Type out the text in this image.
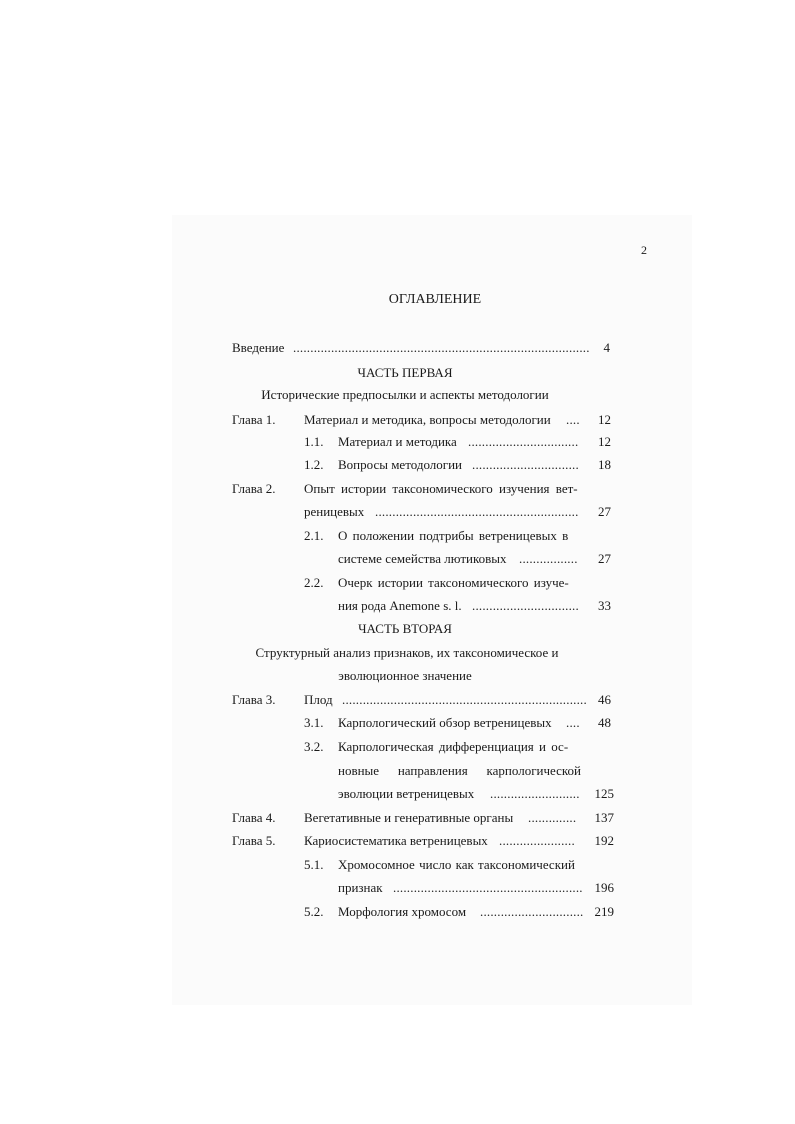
2
ОГЛАВЛЕНИЕ
Введение ......................................................................................	4
ЧАСТЬ ПЕРВАЯ
Исторические предпосылки и аспекты методологии
Глава 1. Материал и методика, вопросы методологии ....	12
1.1. Материал и методика ................................	12
1.2. Вопросы методологии ...............................	18
Глава 2. Опыт истории таксономического изучения вет-
реницевых ...........................................................	27
2.1. О положении подтрибы ветреницевых в
системе семейства лютиковых .................	27
2.2. Очерк истории таксономического изуче-
ния рода Anemone s. l. ...............................	33
ЧАСТЬ ВТОРАЯ
Структурный анализ признаков, их таксономическое и
эволюционное значение
Глава 3. Плод ....................................................................... 46
3.1. Карпологический обзор ветреницевых ....	48
3.2. Карпологическая дифференциация и ос-
новные направления карпологической
эволюции ветреницевых ..........................	125
Глава 4. Вегетативные и генеративные органы ..............	137
Глава 5. Кариосистематика ветреницевых ......................	192
5.1. Хромосомное число как таксономический
признак ....................................................... 196
5.2. Морфология хромосом .............................. 219
